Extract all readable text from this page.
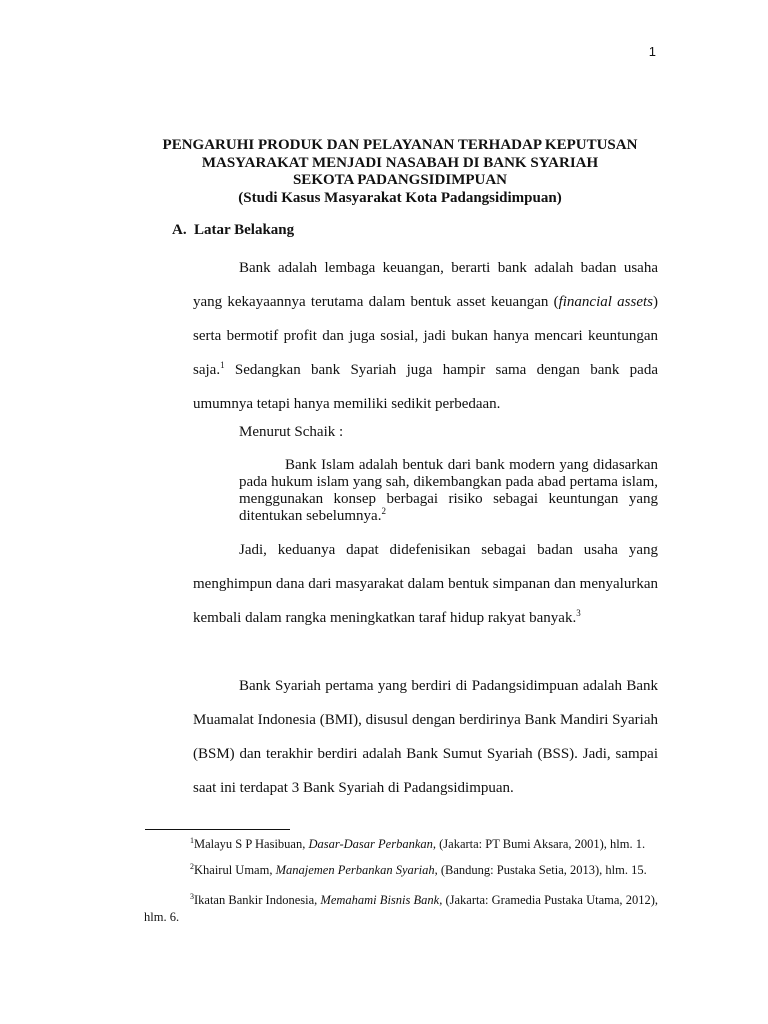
1
PENGARUHI PRODUK DAN PELAYANAN TERHADAP KEPUTUSAN
MASYARAKAT MENJADI NASABAH DI BANK SYARIAH
SEKOTA PADANGSIDIMPUAN
(Studi Kasus Masyarakat Kota Padangsidimpuan)
A. Latar Belakang

Bank adalah lembaga keuangan, berarti bank adalah badan usaha yang kekayaannya terutama dalam bentuk asset keuangan (financial assets) serta bermotif profit dan juga sosial, jadi bukan hanya mencari keuntungan saja.$^1$ Sedangkan bank Syariah juga hampir sama dengan bank pada umumnya tetapi hanya memiliki sedikit perbedaan.

Menurut Schaik :

Bank Islam adalah bentuk dari bank modern yang didasarkan pada hukum islam yang sah, dikembangkan pada abad pertama islam, menggunakan konsep berbagai risiko sebagai keuntungan yang ditentukan sebelumnya.$^2$

Jadi, keduanya dapat didefenisikan sebagai badan usaha yang menghimpun dana dari masyarakat dalam bentuk simpanan dan menyalurkan kembali dalam rangka meningkatkan taraf hidup rakyat banyak.$^3$

Bank Syariah pertama yang berdiri di Padangsidimpuan adalah Bank Muamalat Indonesia (BMI), disusul dengan berdirinya Bank Mandiri Syariah (BSM) dan terakhir berdiri adalah Bank Sumut Syariah (BSS). Jadi, sampai saat ini terdapat 3 Bank Syariah di Padangsidimpuan.

$^1$Malayu S P Hasibuan, Dasar-Dasar Perbankan, (Jakarta: PT Bumi Aksara, 2001), hlm. 1.

$^2$Khairul Umam, Manajemen Perbankan Syariah, (Bandung: Pustaka Setia, 2013), hlm. 15.

$^3$Ikatan Bankir Indonesia, Memahami Bisnis Bank, (Jakarta: Gramedia Pustaka Utama, 2012), hlm. 6.
